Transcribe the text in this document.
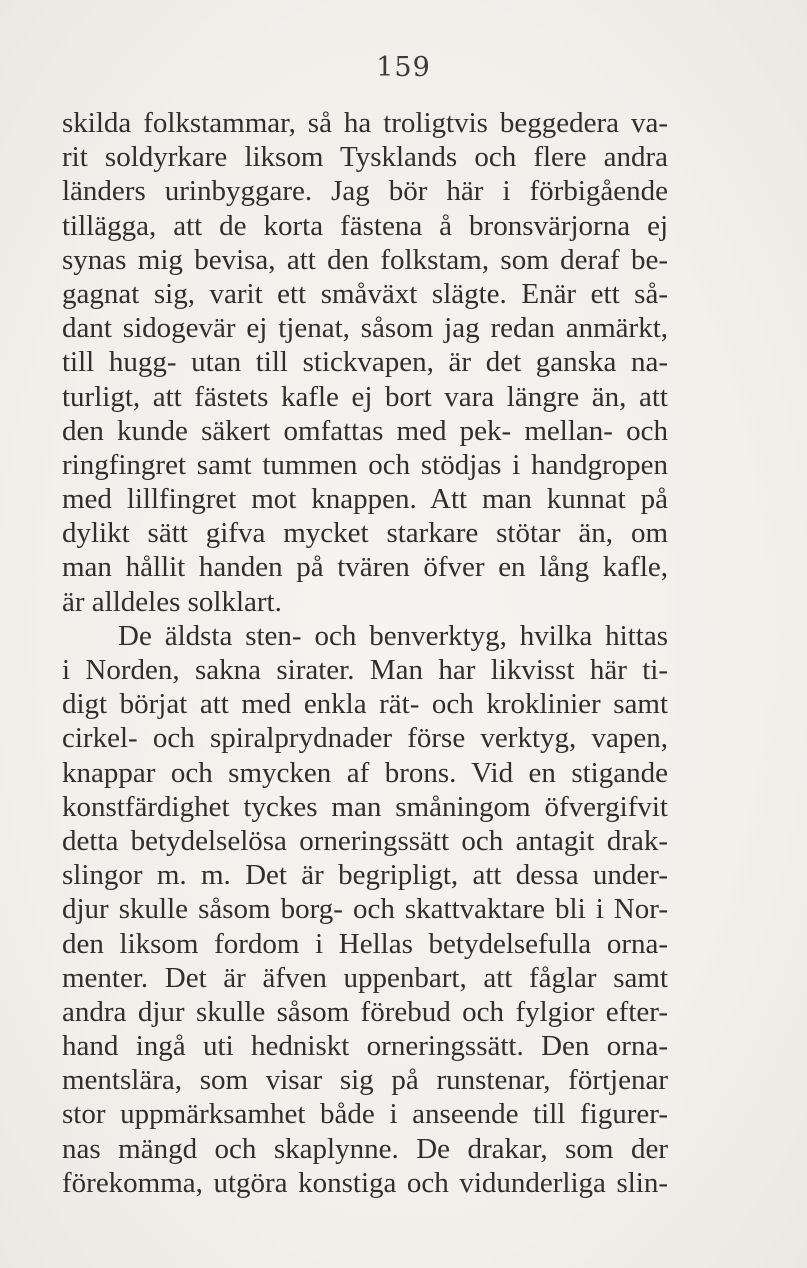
159
skilda folkstammar, så ha troligtvis beggedera va-
rit soldyrkare liksom Tysklands och flere andra
länders urinbyggare. Jag bör här i förbigående
tillägga, att de korta fästena å bronsvärjorna ej
synas mig bevisa, att den folkstam, som deraf be-
gagnat sig, varit ett småväxt slägte. Enär ett så-
dant sidogevär ej tjenat, såsom jag redan anmärkt,
till hugg- utan till stickvapen, är det ganska na-
turligt, att fästets kafle ej bort vara längre än, att
den kunde säkert omfattas med pek- mellan- och
ringfingret samt tummen och stödjas i handgropen
med lillfingret mot knappen. Att man kunnat på
dylikt sätt gifva mycket starkare stötar än, om
man hållit handen på tvären öfver en lång kafle,
är alldeles solklart.
De äldsta sten- och benverktyg, hvilka hittas
i Norden, sakna sirater. Man har likvisst här ti-
digt börjat att med enkla rät- och kroklinier samt
cirkel- och spiralprydnader förse verktyg, vapen,
knappar och smycken af brons. Vid en stigande
konstfärdighet tyckes man småningom öfvergifvit
detta betydelselösa orneringssätt och antagit drak-
slingor m. m. Det är begripligt, att dessa under-
djur skulle såsom borg- och skattvaktare bli i Nor-
den liksom fordom i Hellas betydelsefulla orna-
menter. Det är äfven uppenbart, att fåglar samt
andra djur skulle såsom förebud och fylgior efter-
hand ingå uti hedniskt orneringssätt. Den orna-
mentslära, som visar sig på runstenar, förtjenar
stor uppmärksamhet både i anseende till figurer-
nas mängd och skaplynne. De drakar, som der
förekomma, utgöra konstiga och vidunderliga slin-
